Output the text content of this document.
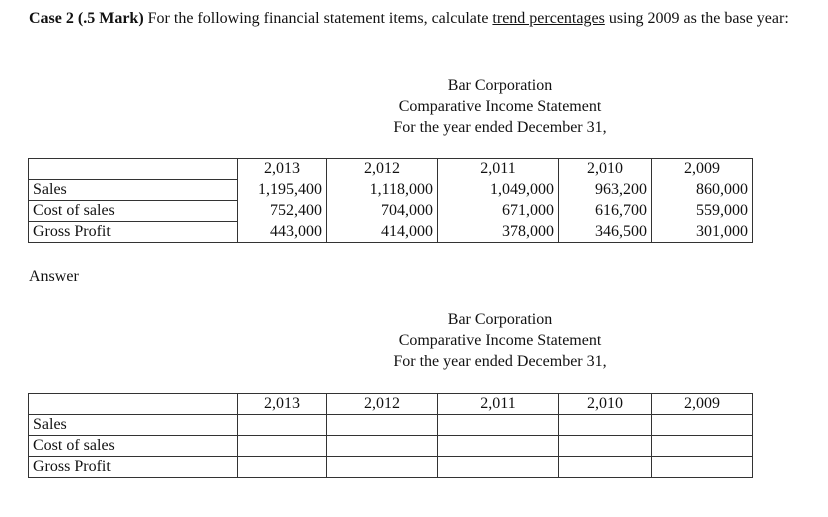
Case 2 (.5 Mark) For the following financial statement items, calculate trend percentages using 2009 as the base year:
Bar Corporation
Comparative Income Statement
For the year ended December 31,
	2,013	2,012	2,011	2,010	2,009
Sales	1,195,400	1,118,000	1,049,000	963,200	860,000
Cost of sales	752,400	704,000	671,000	616,700	559,000
Gross Profit	443,000	414,000	378,000	346,500	301,000
Answer
Bar Corporation
Comparative Income Statement
For the year ended December 31,
	2,013	2,012	2,011	2,010	2,009
Sales					
Cost of sales					
Gross Profit					
